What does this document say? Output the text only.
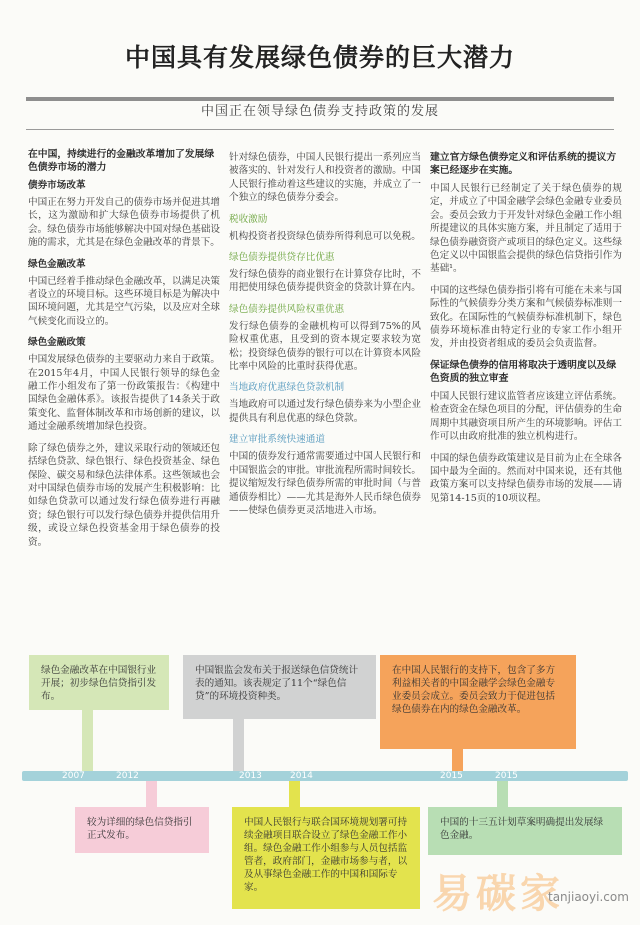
中国具有发展绿色债券的巨大潜力
中国正在领导绿色债券支持政策的发展
在中国，持续进行的金融改革增加了发展绿色债券市场的潜力
债券市场改革

中国正在努力开发自己的债券市场并促进其增长，这为激励和扩大绿色债券市场提供了机会。绿色债券市场能够解决中国对绿色基础设施的需求，尤其是在绿色金融改革的背景下。

绿色金融改革

中国已经着手推动绿色金融改革，以满足决策者设立的环境目标。这些环境目标是为解决中国环境问题，尤其是空气污染，以及应对全球气候变化而设立的。

绿色金融政策

中国发展绿色债券的主要驱动力来自于政策。在2015年4月，中国人民银行领导的绿色金融工作小组发布了第一份政策报告：《构建中国绿色金融体系》。该报告提供了14条关于政策变化、监督体制改革和市场创新的建议，以通过金融系统增加绿色投资。

除了绿色债券之外，建议采取行动的领域还包括绿色贷款、绿色银行、绿色投资基金、绿色保险、碳交易和绿色法律体系。这些领域也会对中国绿色债券市场的发展产生积极影响：比如绿色贷款可以通过发行绿色债券进行再融资；绿色银行可以发行绿色债券并提供信用升级，或设立绿色投资基金用于绿色债券的投资。

针对绿色债券，中国人民银行提出一系列应当被落实的、针对发行人和投资者的激励。中国人民银行推动着这些建议的实施，并成立了一个独立的绿色债券分委会。

税收激励

机构投资者投资绿色债券所得利息可以免税。

绿色债券提供贷存比优惠

发行绿色债券的商业银行在计算贷存比时，不用把使用绿色债券提供资金的贷款计算在内。

绿色债券提供风险权重优惠

发行绿色债券的金融机构可以得到75%的风险权重优惠，且受到的资本规定要求较为宽松；投资绿色债券的银行可以在计算资本风险比率中风险的比重时获得优惠。

当地政府优惠绿色贷款机制

当地政府可以通过发行绿色债券来为小型企业提供具有利息优惠的绿色贷款。

建立审批系统快速通道

中国的债券发行通常需要通过中国人民银行和中国银监会的审批。审批流程所需时间较长。提议缩短发行绿色债券所需的审批时间（与普通债券相比）——尤其是海外人民币绿色债券——使绿色债券更灵活地进入市场。

建立官方绿色债券定义和评估系统的提议方案已经逐步在实施。

中国人民银行已经制定了关于绿色债券的规定，并成立了中国金融学会绿色金融专业委员会。委员会致力于开发针对绿色金融工作小组所提建议的具体实施方案，并且制定了适用于绿色债券融资资产或项目的绿色定义。这些绿色定义以中国银监会提供的绿色信贷指引作为基础¹。

中国的这些绿色债券指引将有可能在未来与国际性的气候债券分类方案和气候债券标准则一致化。在国际性的气候债券标准机制下，绿色债券环境标准由特定行业的专家工作小组开发，并由投资者组成的委员会负责监督。

保证绿色债券的信用将取决于透明度以及绿色资质的独立审查

中国人民银行建议监管者应该建立评估系统。检查资金在绿色项目的分配，评估债券的生命周期中其融资项目所产生的环境影响。评估工作可以由政府批准的独立机构进行。

中国的绿色债券政策建议是目前为止在全球各国中最为全面的。然而对中国来说，还有其他政策方案可以支持绿色债券市场的发展——请见第14-15页的10项议程。

2007	2012	2013	2014	2015	2015
绿色金融改革在中国银行业开展；初步绿色信贷指引发布。
中国银监会发布关于报送绿色信贷统计表的通知。该表规定了11个“绿色信贷”的环境投资种类。
在中国人民银行的支持下，包含了多方利益相关者的中国金融学会绿色金融专业委员会成立。委员会致力于促进包括绿色债券在内的绿色金融改革。
较为详细的绿色信贷指引正式发布。
中国人民银行与联合国环境规划署可持续金融项目联合设立了绿色金融工作小组。绿色金融工作小组参与人员包括监管者，政府部门，金融市场参与者，以及从事绿色金融工作的中国和国际专家。
中国的十三五计划草案明确提出发展绿色金融。
易碳家
tanjiaoyi.com
